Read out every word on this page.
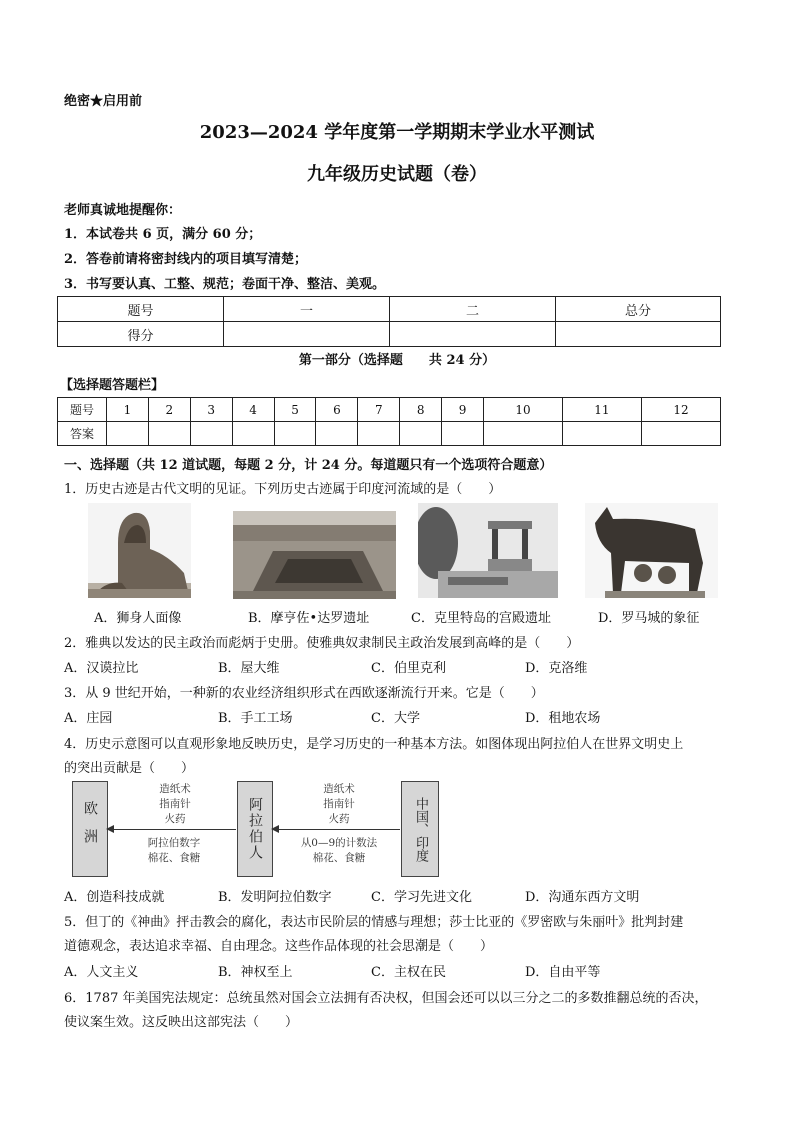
绝密★启用前
2023—2024 学年度第一学期期末学业水平测试
九年级历史试题（卷）
老师真诚地提醒你：
1．本试卷共 6 页，满分 60 分；
2．答卷前请将密封线内的项目填写清楚；
3．书写要认真、工整、规范；卷面干净、整洁、美观。
题号	一	二	总分
得分			
第一部分（选择题　　共 24 分）
【选择题答题栏】
题号	1	2	3	4	5	6	7	8	9	10	11	12
答案												
一、选择题（共 12 道试题，每题 2 分，计 24 分。每道题只有一个选项符合题意）
1．历史古迹是古代文明的见证。下列历史古迹属于印度河流域的是（　　）
A．狮身人面像	B．摩亨佐•达罗遗址	C．克里特岛的宫殿遗址	D．罗马城的象征
2．雅典以发达的民主政治而彪炳于史册。使雅典奴隶制民主政治发展到高峰的是（　　）
A．汉谟拉比	B．屋大维	C．伯里克利	D．克洛维
3．从 9 世纪开始，一种新的农业经济组织形式在西欧逐渐流行开来。它是（　　）
A．庄园	B．手工工场	C．大学	D．租地农场
4．历史示意图可以直观形象地反映历史，是学习历史的一种基本方法。如图体现出阿拉伯人在世界文明史上
的突出贡献是（　　）
欧洲	阿拉伯人	中国、印度
造纸术
指南针
火药
造纸术
指南针
火药
阿拉伯数字
棉花、食糖
从0—9的计数法
棉花、食糖
A．创造科技成就	B．发明阿拉伯数字	C．学习先进文化	D．沟通东西方文明
5．但丁的《神曲》抨击教会的腐化，表达市民阶层的情感与理想；莎士比亚的《罗密欧与朱丽叶》批判封建
道德观念，表达追求幸福、自由理念。这些作品体现的社会思潮是（　　）
A．人文主义	B．神权至上	C．主权在民	D．自由平等
6．1787 年美国宪法规定：总统虽然对国会立法拥有否决权，但国会还可以以三分之二的多数推翻总统的否决，
使议案生效。这反映出这部宪法（　　）
